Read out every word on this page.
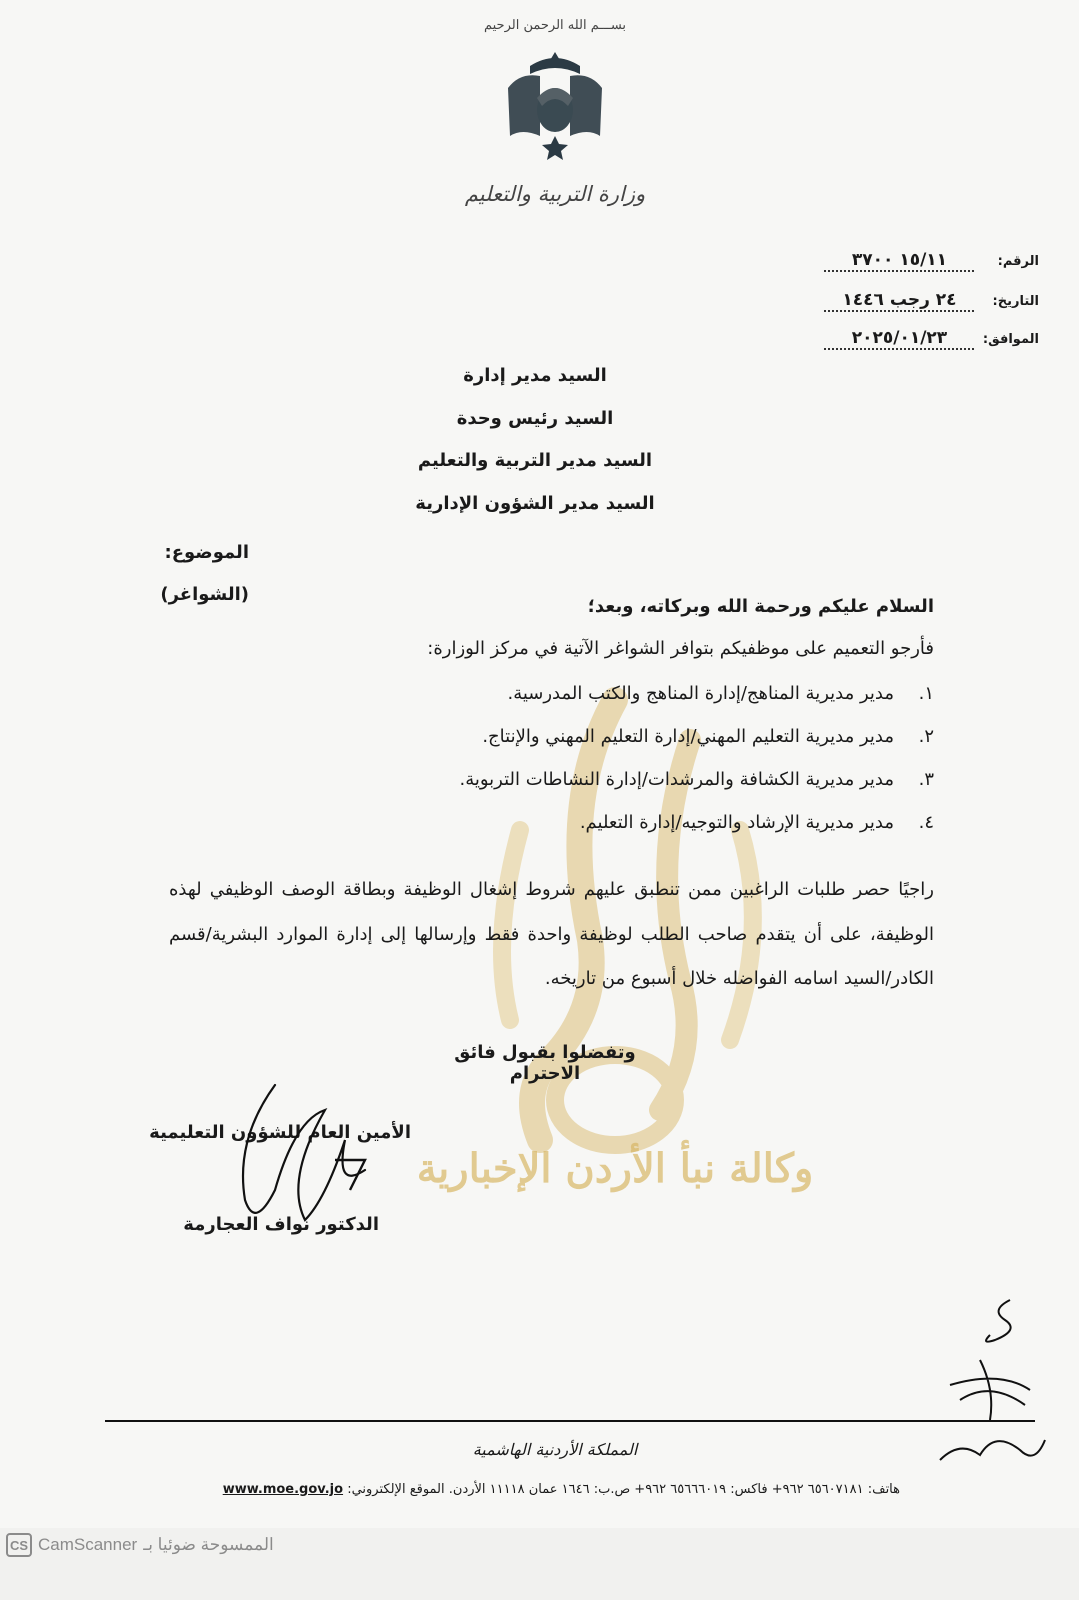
بســـم الله الرحمن الرحيم
وزارة التربية والتعليم
الرقم: ١٥/١١ ٣٧٠٠
التاريخ: ٢٤ رجب ١٤٤٦
الموافق: ٢٠٢٥/٠١/٢٣
السيد مدير إدارة
السيد رئيس وحدة
السيد مدير التربية والتعليم
السيد مدير الشؤون الإدارية
الموضوع:
(الشواغر)
وكالة نبأ الأردن الإخبارية
السلام عليكم ورحمة الله وبركاته، وبعد؛
فأرجو التعميم على موظفيكم بتوافر الشواغر الآتية في مركز الوزارة:
١.مدير مديرية المناهج/إدارة المناهج والكتب المدرسية.
٢.مدير مديرية التعليم المهني/إدارة التعليم المهني والإنتاج.
٣.مدير مديرية الكشافة والمرشدات/إدارة النشاطات التربوية.
٤.مدير مديرية الإرشاد والتوجيه/إدارة التعليم.
راجيًا حصر طلبات الراغبين ممن تنطبق عليهم شروط إشغال الوظيفة وبطاقة الوصف الوظيفي لهذه الوظيفة، على أن يتقدم صاحب الطلب لوظيفة واحدة فقط وإرسالها إلى إدارة الموارد البشرية/قسم الكادر/السيد اسامه الفواضله خلال أسبوع من تاريخه.
وتفضلوا بقبول فائق الاحترام
الأمين العام للشؤون التعليمية
الدكتور نواف العجارمة
المملكة الأردنية الهاشمية
هاتف: ٦٥٦٠٧١٨١ ٩٦٢+ فاكس: ٦٥٦٦٦٠١٩ ٩٦٢+ ص.ب: ١٦٤٦ عمان ١١١١٨ الأردن. الموقع الإلكتروني: www.moe.gov.jo
CS CamScanner الممسوحة ضوئيا بـ
